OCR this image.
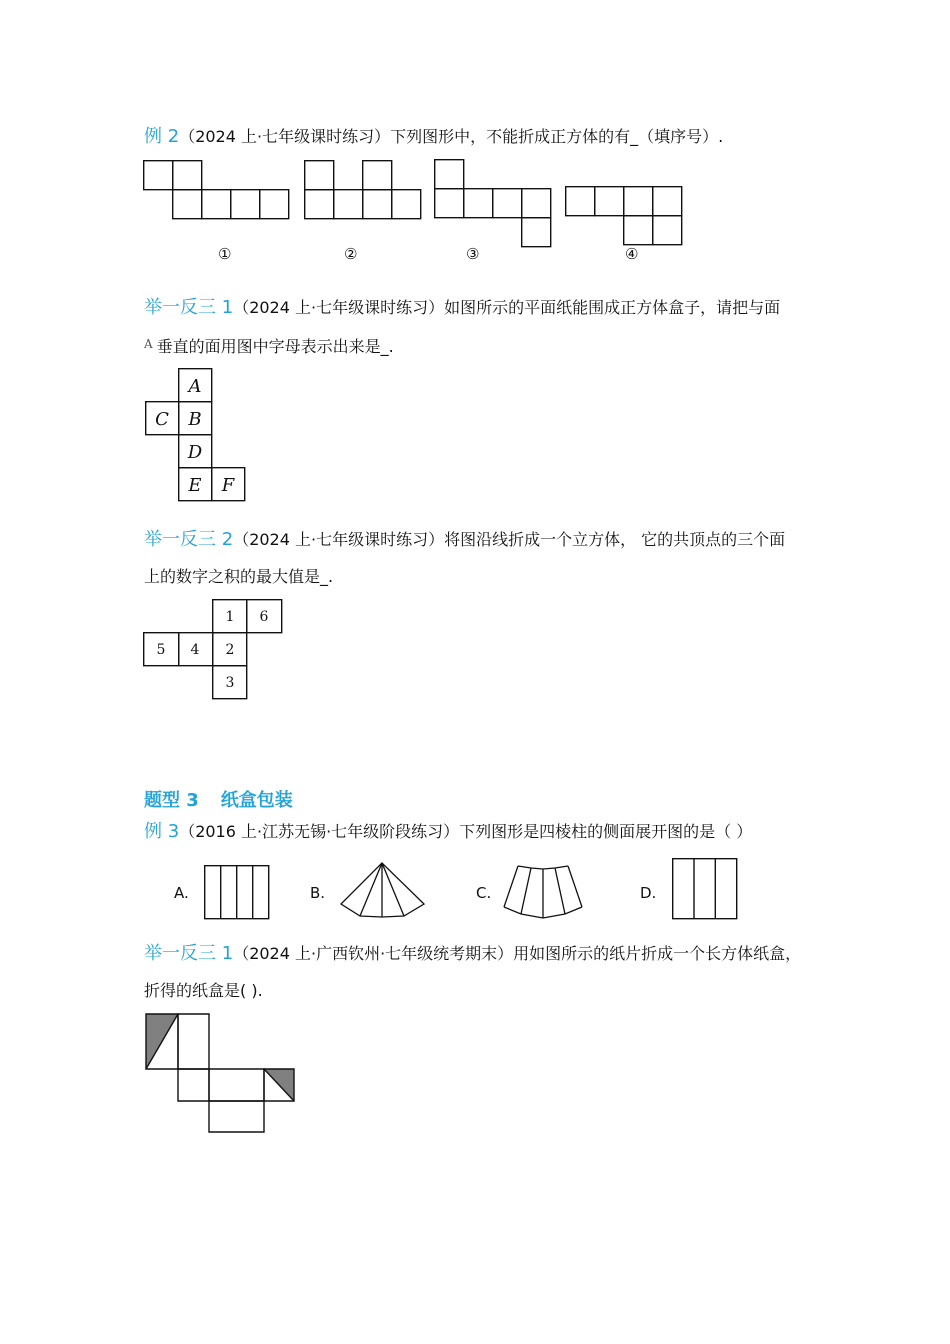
例 2（2024 上·七年级课时练习）下列图形中，不能折成正方体的有_（填序号）.
①	②	③	④
举一反三 1（2024 上·七年级课时练习）如图所示的平面纸能围成正方体盒子，请把与面
$^A$ 垂直的面用图中字母表示出来是_.
A
B
C
D
E F
举一反三 2（2024 上·七年级课时练习）将图沿线折成一个立方体， 它的共顶点的三个面
上的数字之积的最大值是_.
1 6
5 4 2
3
题型 3 纸盒包装
例 3（2016 上·江苏无锡·七年级阶段练习）下列图形是四棱柱的侧面展开图的是（ ）
A.	B.	C.	D.
举一反三 1（2024 上·广西钦州·七年级统考期末）用如图所示的纸片折成一个长方体纸盒，
折得的纸盒是( ).
